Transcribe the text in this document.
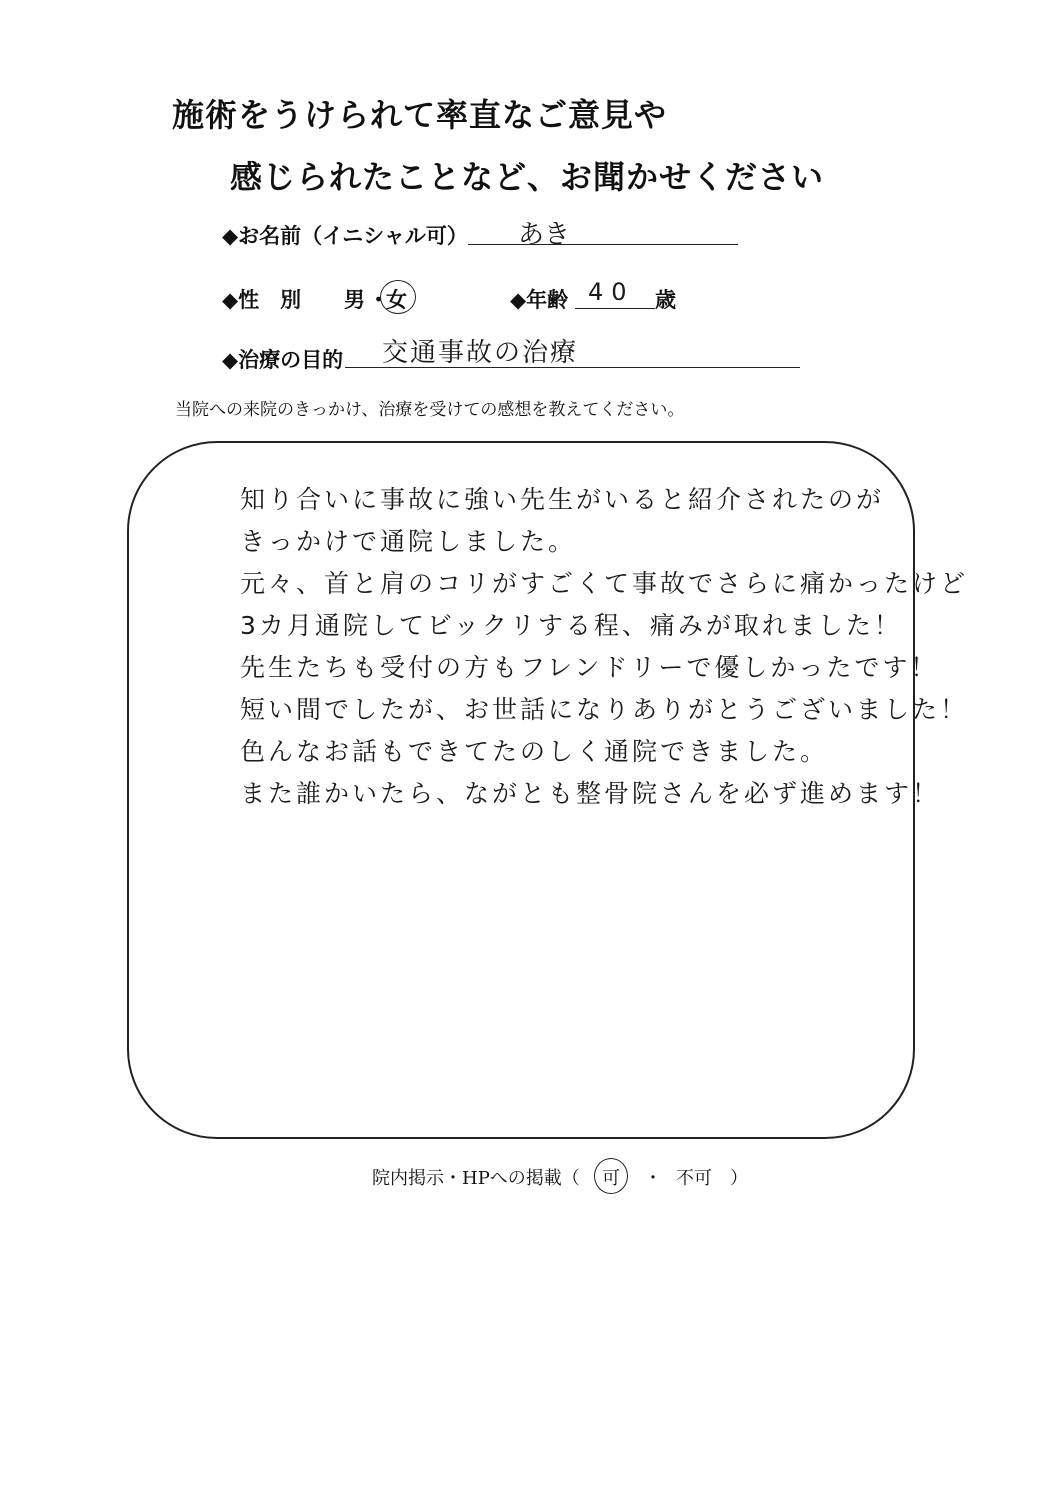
施術をうけられて率直なご意見や
感じられたことなど、お聞かせください
◆お名前（イニシャル可） あき
◆性　別 男 ・
女	◆年齢 40 歳
◆治療の目的 交通事故の治療
当院への来院のきっかけ、治療を受けての感想を教えてください。
知り合いに事故に強い先生がいると紹介されたのが
きっかけで通院しました。
元々、首と肩のコリがすごくて事故でさらに痛かったけど
3カ月通院してビックリする程、痛みが取れました！
先生たちも受付の方もフレンドリーで優しかったです！
短い間でしたが、お世話になりありがとうございました！
色んなお話もできてたのしく通院できました。
また誰かいたら、ながとも整骨院さんを必ず進めます！
院内掲示・HPへの掲載（ 可 ・ 不可 ）
